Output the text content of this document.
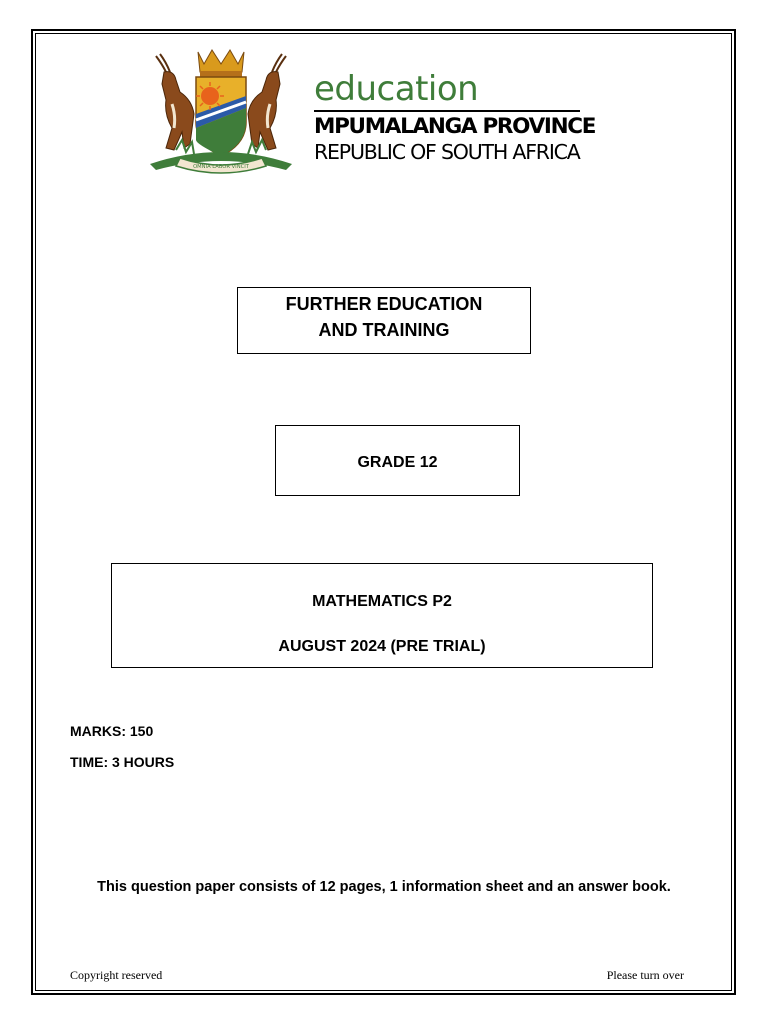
OMNIA LABOR VINCIT
education
MPUMALANGA PROVINCE
REPUBLIC OF SOUTH AFRICA
FURTHER EDUCATION
AND TRAINING
GRADE 12
MATHEMATICS P2
AUGUST 2024 (PRE TRIAL)
MARKS: 150
TIME: 3 HOURS
This question paper consists of 12 pages, 1 information sheet and an answer book.
Copyright reserved	Please turn over
